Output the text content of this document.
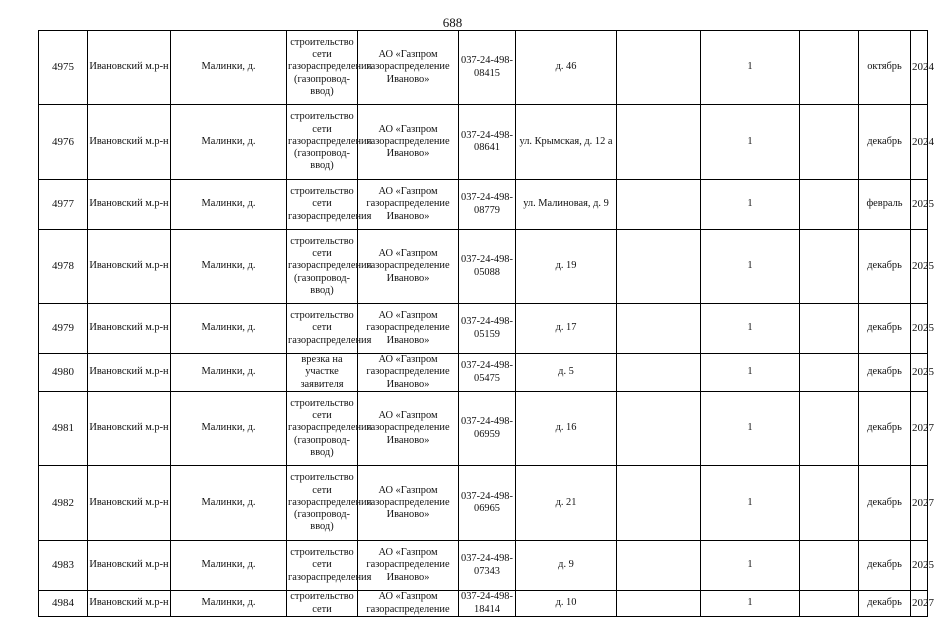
688
4975	Ивановский м.р-н	Малинки, д.	строительство сети газораспределения (газопровод-ввод)	АО «Газпром газораспределение Иваново»	037-24-498-08415	д. 46		1		октябрь	2024
4976	Ивановский м.р-н	Малинки, д.	строительство сети газораспределения (газопровод-ввод)	АО «Газпром газораспределение Иваново»	037-24-498-08641	ул. Крымская, д. 12 а		1		декабрь	2024
4977	Ивановский м.р-н	Малинки, д.	строительство сети газораспределения	АО «Газпром газораспределение Иваново»	037-24-498-08779	ул. Малиновая, д. 9		1		февраль	2025
4978	Ивановский м.р-н	Малинки, д.	строительство сети газораспределения (газопровод-ввод)	АО «Газпром газораспределение Иваново»	037-24-498-05088	д. 19		1		декабрь	2025
4979	Ивановский м.р-н	Малинки, д.	строительство сети газораспределения	АО «Газпром газораспределение Иваново»	037-24-498-05159	д. 17		1		декабрь	2025
4980	Ивановский м.р-н	Малинки, д.	врезка на участке заявителя	АО «Газпром газораспределение Иваново»	037-24-498-05475	д. 5		1		декабрь	2025
4981	Ивановский м.р-н	Малинки, д.	строительство сети газораспределения (газопровод-ввод)	АО «Газпром газораспределение Иваново»	037-24-498-06959	д. 16		1		декабрь	2027
4982	Ивановский м.р-н	Малинки, д.	строительство сети газораспределения (газопровод-ввод)	АО «Газпром газораспределение Иваново»	037-24-498-06965	д. 21		1		декабрь	2027
4983	Ивановский м.р-н	Малинки, д.	строительство сети газораспределения	АО «Газпром газораспределение Иваново»	037-24-498-07343	д. 9		1		декабрь	2025
4984	Ивановский м.р-н	Малинки, д.	строительство сети	АО «Газпром газораспределение	037-24-498-18414	д. 10		1		декабрь	2027
